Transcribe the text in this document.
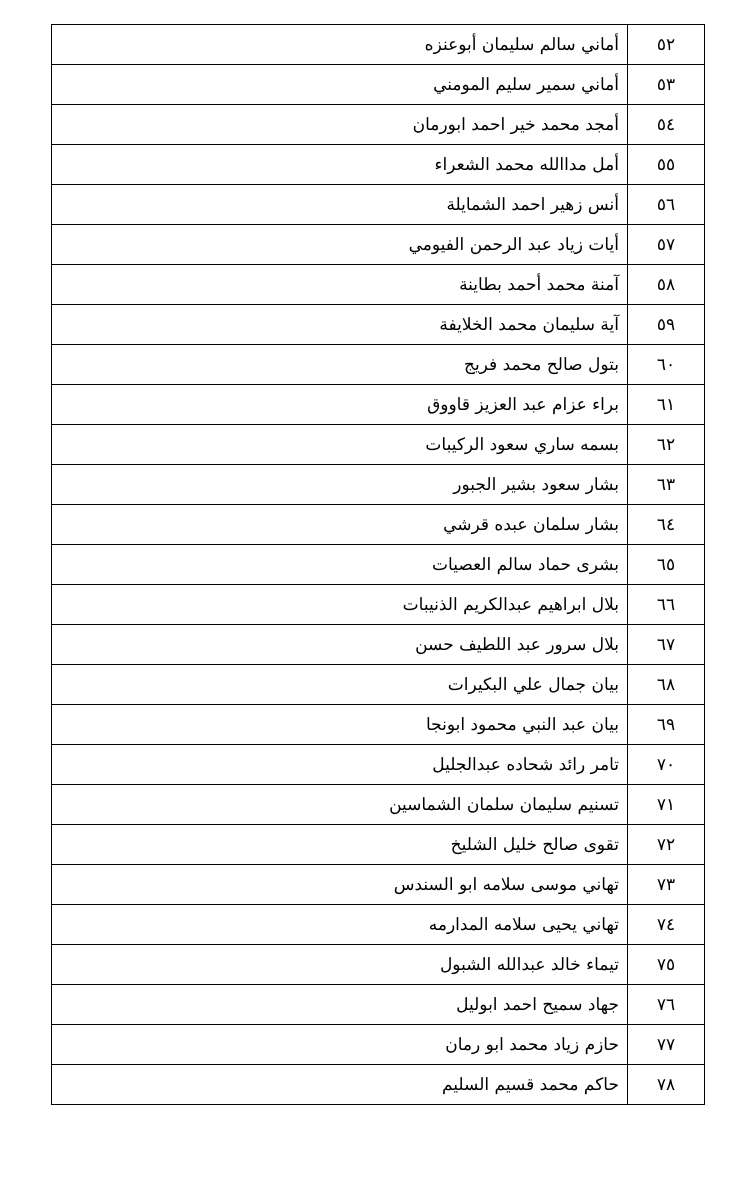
٥٢	أماني سالم سليمان أبوعنزه
٥٣	أماني سمير سليم المومني
٥٤	أمجد محمد خير احمد ابورمان
٥٥	أمل مداالله محمد الشعراء
٥٦	أنس زهير احمد الشمايلة
٥٧	أيات زياد عبد الرحمن الفيومي
٥٨	آمنة محمد أحمد بطاينة
٥٩	آية سليمان محمد الخلايفة
٦٠	بتول صالح محمد فريج
٦١	براء عزام عبد العزيز قاووق
٦٢	بسمه ساري سعود الركيبات
٦٣	بشار سعود بشير الجبور
٦٤	بشار سلمان عبده قرشي
٦٥	بشرى حماد سالم العصيات
٦٦	بلال ابراهيم عبدالكريم الذنيبات
٦٧	بلال سرور عبد اللطيف حسن
٦٨	بيان جمال علي البكيرات
٦٩	بيان عبد النبي محمود ابونجا
٧٠	تامر رائد شحاده عبدالجليل
٧١	تسنيم سليمان سلمان الشماسين
٧٢	تقوى صالح خليل الشليخ
٧٣	تهاني موسى سلامه ابو السندس
٧٤	تهاني يحيى سلامه المدارمه
٧٥	تيماء خالد عبدالله الشبول
٧٦	جهاد سميح احمد ابوليل
٧٧	حازم زياد محمد ابو رمان
٧٨	حاكم محمد قسيم السليم
